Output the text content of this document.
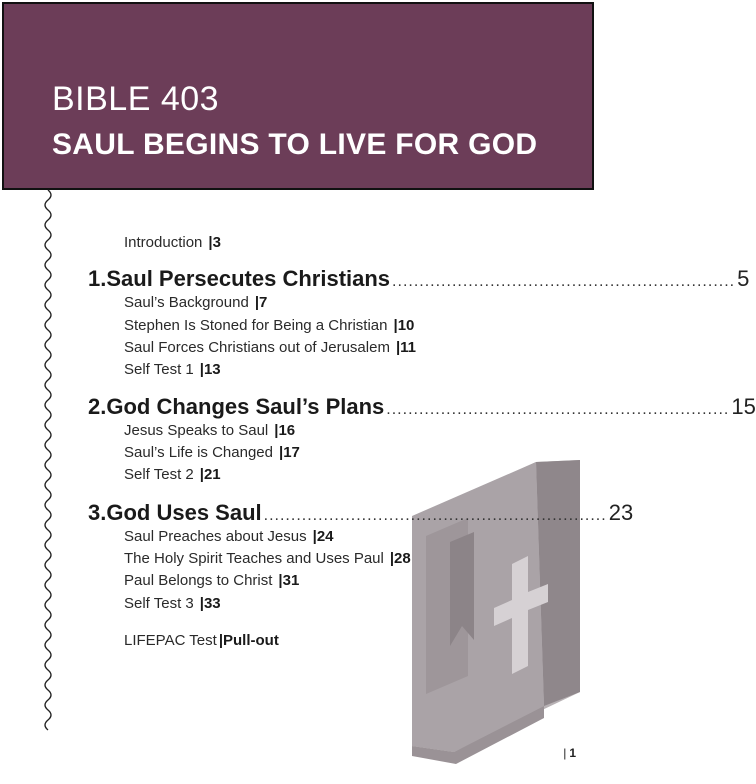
BIBLE 403
SAUL BEGINS TO LIVE FOR GOD
Introduction |3
1. Saul Persecutes Christians ............................................................... 5
Saul’s Background |7
Stephen Is Stoned for Being a Christian |10
Saul Forces Christians out of Jerusalem |11
Self Test 1 |13
2. God Changes Saul’s Plans ............................................................... 15
Jesus Speaks to Saul |16
Saul’s Life is Changed |17
Self Test 2 |21
3. God Uses Saul ............................................................... 23
Saul Preaches about Jesus |24
The Holy Spirit Teaches and Uses Paul |28
Paul Belongs to Christ |31
Self Test 3 |33
LIFEPAC Test |Pull-out
| 1
